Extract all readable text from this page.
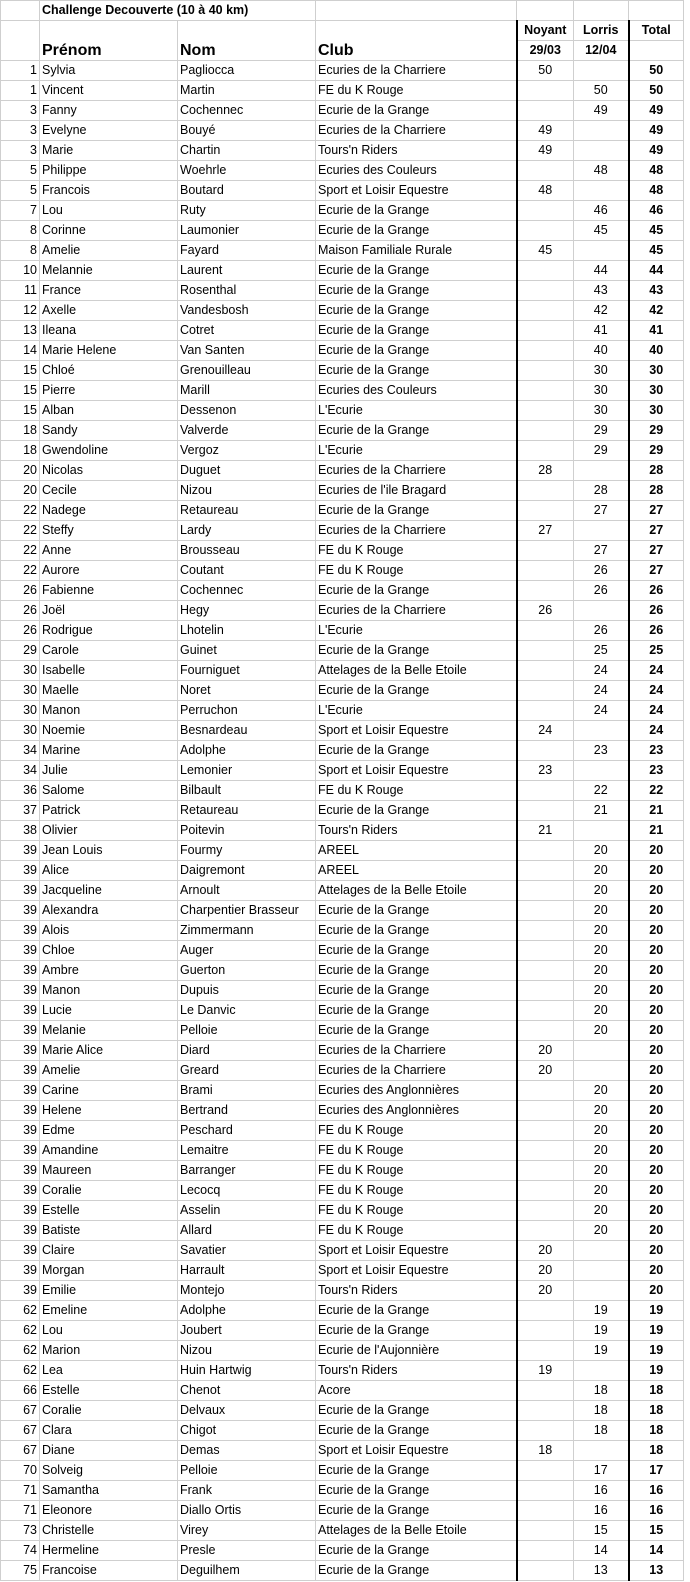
	Challenge Decouverte (10 à 40 km)					
	Prénom	Nom	Club	Noyant	Lorris	Total
				29/03	12/04	
1	Sylvia	Pagliocca	Ecuries de la Charriere	50		50
1	Vincent	Martin	FE du K Rouge		50	50
3	Fanny	Cochennec	Ecurie de la Grange		49	49
3	Evelyne	Bouyé	Ecuries de la Charriere	49		49
3	Marie	Chartin	Tours'n Riders	49		49
5	Philippe	Woehrle	Ecuries des Couleurs		48	48
5	Francois	Boutard	Sport et Loisir Equestre	48		48
7	Lou	Ruty	Ecurie de la Grange		46	46
8	Corinne	Laumonier	Ecurie de la Grange		45	45
8	Amelie	Fayard	Maison Familiale Rurale	45		45
10	Melannie	Laurent	Ecurie de la Grange		44	44
11	France	Rosenthal	Ecurie de la Grange		43	43
12	Axelle	Vandesbosh	Ecurie de la Grange		42	42
13	Ileana	Cotret	Ecurie de la Grange		41	41
14	Marie Helene	Van Santen	Ecurie de la Grange		40	40
15	Chloé	Grenouilleau	Ecurie de la Grange		30	30
15	Pierre	Marill	Ecuries des Couleurs		30	30
15	Alban	Dessenon	L'Ecurie		30	30
18	Sandy	Valverde	Ecurie de la Grange		29	29
18	Gwendoline	Vergoz	L'Ecurie		29	29
20	Nicolas	Duguet	Ecuries de la Charriere	28		28
20	Cecile	Nizou	Ecuries de l'ile Bragard		28	28
22	Nadege	Retaureau	Ecurie de la Grange		27	27
22	Steffy	Lardy	Ecuries de la Charriere	27		27
22	Anne	Brousseau	FE du K Rouge		27	27
22	Aurore	Coutant	FE du K Rouge		26	27
26	Fabienne	Cochennec	Ecurie de la Grange		26	26
26	Joël	Hegy	Ecuries de la Charriere	26		26
26	Rodrigue	Lhotelin	L'Ecurie		26	26
29	Carole	Guinet	Ecurie de la Grange		25	25
30	Isabelle	Fourniguet	Attelages de la Belle Etoile		24	24
30	Maelle	Noret	Ecurie de la Grange		24	24
30	Manon	Perruchon	L'Ecurie		24	24
30	Noemie	Besnardeau	Sport et Loisir Equestre	24		24
34	Marine	Adolphe	Ecurie de la Grange		23	23
34	Julie	Lemonier	Sport et Loisir Equestre	23		23
36	Salome	Bilbault	FE du K Rouge		22	22
37	Patrick	Retaureau	Ecurie de la Grange		21	21
38	Olivier	Poitevin	Tours'n Riders	21		21
39	Jean Louis	Fourmy	AREEL		20	20
39	Alice	Daigremont	AREEL		20	20
39	Jacqueline	Arnoult	Attelages de la Belle Etoile		20	20
39	Alexandra	Charpentier Brasseur	Ecurie de la Grange		20	20
39	Alois	Zimmermann	Ecurie de la Grange		20	20
39	Chloe	Auger	Ecurie de la Grange		20	20
39	Ambre	Guerton	Ecurie de la Grange		20	20
39	Manon	Dupuis	Ecurie de la Grange		20	20
39	Lucie	Le Danvic	Ecurie de la Grange		20	20
39	Melanie	Pelloie	Ecurie de la Grange		20	20
39	Marie Alice	Diard	Ecuries de la Charriere	20		20
39	Amelie	Greard	Ecuries de la Charriere	20		20
39	Carine	Brami	Ecuries des Anglonnières		20	20
39	Helene	Bertrand	Ecuries des Anglonnières		20	20
39	Edme	Peschard	FE du K Rouge		20	20
39	Amandine	Lemaitre	FE du K Rouge		20	20
39	Maureen	Barranger	FE du K Rouge		20	20
39	Coralie	Lecocq	FE du K Rouge		20	20
39	Estelle	Asselin	FE du K Rouge		20	20
39	Batiste	Allard	FE du K Rouge		20	20
39	Claire	Savatier	Sport et Loisir Equestre	20		20
39	Morgan	Harrault	Sport et Loisir Equestre	20		20
39	Emilie	Montejo	Tours'n Riders	20		20
62	Emeline	Adolphe	Ecurie de la Grange		19	19
62	Lou	Joubert	Ecurie de la Grange		19	19
62	Marion	Nizou	Ecurie de l'Aujonnière		19	19
62	Lea	Huin Hartwig	Tours'n Riders	19		19
66	Estelle	Chenot	Acore		18	18
67	Coralie	Delvaux	Ecurie de la Grange		18	18
67	Clara	Chigot	Ecurie de la Grange		18	18
67	Diane	Demas	Sport et Loisir Equestre	18		18
70	Solveig	Pelloie	Ecurie de la Grange		17	17
71	Samantha	Frank	Ecurie de la Grange		16	16
71	Eleonore	Diallo Ortis	Ecurie de la Grange		16	16
73	Christelle	Virey	Attelages de la Belle Etoile		15	15
74	Hermeline	Presle	Ecurie de la Grange		14	14
75	Francoise	Deguilhem	Ecurie de la Grange		13	13
